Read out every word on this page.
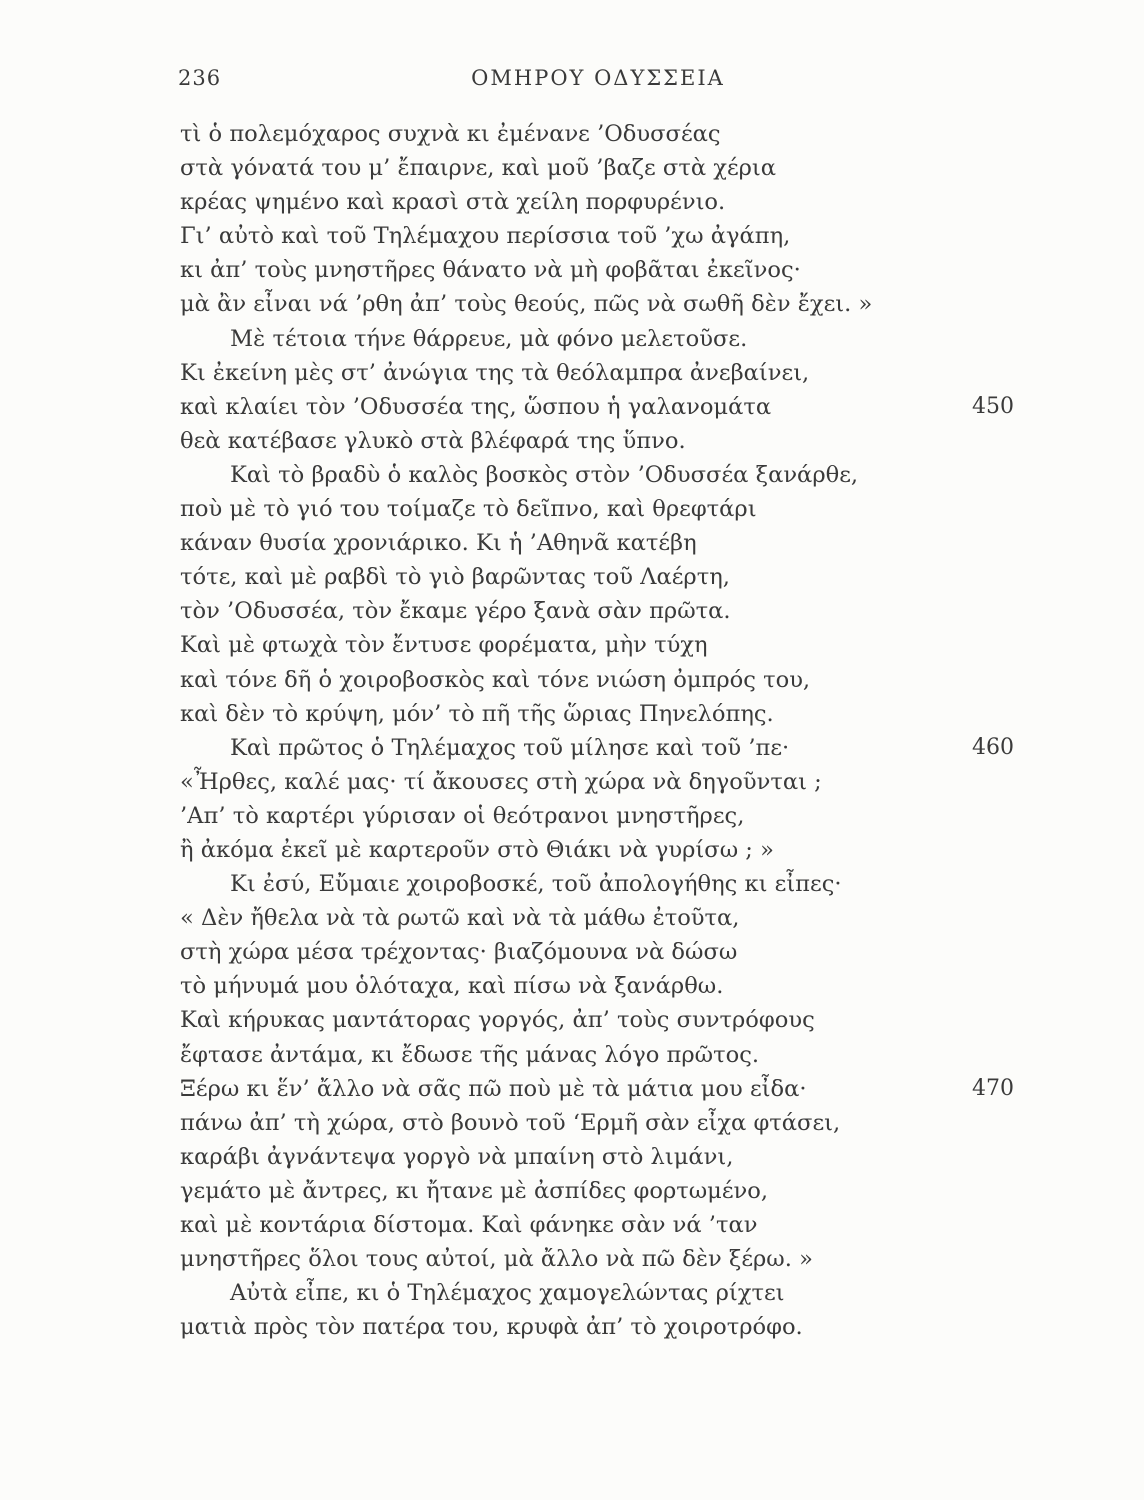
236	ΟΜΗΡΟΥ ΟΔΥΣΣΕΙΑ
τὶ ὁ πολεμόχαρος συχνὰ κι ἐμένανε ’Οδυσσέας
στὰ γόνατά του μ’ ἔπαιρνε, καὶ μοῦ ’βαζε στὰ χέρια
κρέας ψημένο καὶ κρασὶ στὰ χείλη πορφυρένιο.
Γι’ αὐτὸ καὶ τοῦ Τηλέμαχου περίσσια τοῦ ’χω ἀγάπη,
κι ἀπ’ τοὺς μνηστῆρες θάνατο νὰ μὴ φοβᾶται ἐκεῖνος·
μὰ ἂν εἶναι νά ’ρθη ἀπ’ τοὺς θεούς, πῶς νὰ σωθῆ δὲν ἔχει. »
Μὲ τέτοια τήνε θάρρευε, μὰ φόνο μελετοῦσε.
Κι ἐκείνη μὲς στ’ ἀνώγια της τὰ θεόλαμπρα ἀνεβαίνει,
καὶ κλαίει τὸν ’Οδυσσέα της, ὥσπου ἡ γαλανομάτα	450
θεὰ κατέβασε γλυκὸ στὰ βλέφαρά της ὕπνο.
Καὶ τὸ βραδὺ ὁ καλὸς βοσκὸς στὸν ’Οδυσσέα ξανάρθε,
ποὺ μὲ τὸ γιό του τοίμαζε τὸ δεῖπνο, καὶ θρεφτάρι
κάναν θυσία χρονιάρικο. Κι ἡ ’Αθηνᾶ κατέβη
τότε, καὶ μὲ ραβδὶ τὸ γιὸ βαρῶντας τοῦ Λαέρτη,
τὸν ’Οδυσσέα, τὸν ἔκαμε γέρο ξανὰ σὰν πρῶτα.
Καὶ μὲ φτωχὰ τὸν ἔντυσε φορέματα, μὴν τύχη
καὶ τόνε δῆ ὁ χοιροβοσκὸς καὶ τόνε νιώση ὀμπρός του,
καὶ δὲν τὸ κρύψη, μόν’ τὸ πῆ τῆς ὥριας Πηνελόπης.
Καὶ πρῶτος ὁ Τηλέμαχος τοῦ μίλησε καὶ τοῦ ’πε·	460
«Ἦρθες, καλέ μας· τί ἄκουσες στὴ χώρα νὰ δηγοῦνται ;
’Απ’ τὸ καρτέρι γύρισαν οἱ θεότρανοι μνηστῆρες,
ἢ ἀκόμα ἐκεῖ μὲ καρτεροῦν στὸ Θιάκι νὰ γυρίσω ; »
Κι ἐσύ, Εὔμαιε χοιροβοσκέ, τοῦ ἀπολογήθης κι εἶπες·
« Δὲν ἤθελα νὰ τὰ ρωτῶ καὶ νὰ τὰ μάθω ἐτοῦτα,
στὴ χώρα μέσα τρέχοντας· βιαζόμουνα νὰ δώσω
τὸ μήνυμά μου ὁλόταχα, καὶ πίσω νὰ ξανάρθω.
Καὶ κήρυκας μαντάτορας γοργός, ἀπ’ τοὺς συντρόφους
ἔφτασε ἀντάμα, κι ἔδωσε τῆς μάνας λόγο πρῶτος.
Ξέρω κι ἕν’ ἄλλο νὰ σᾶς πῶ ποὺ μὲ τὰ μάτια μου εἶδα·	470
πάνω ἀπ’ τὴ χώρα, στὸ βουνὸ τοῦ ‘Ερμῆ σὰν εἶχα φτάσει,
καράβι ἀγνάντεψα γοργὸ νὰ μπαίνη στὸ λιμάνι,
γεμάτο μὲ ἄντρες, κι ἤτανε μὲ ἀσπίδες φορτωμένο,
καὶ μὲ κοντάρια δίστομα. Καὶ φάνηκε σὰν νά ’ταν
μνηστῆρες ὅλοι τους αὐτοί, μὰ ἄλλο νὰ πῶ δὲν ξέρω. »
Αὐτὰ εἶπε, κι ὁ Τηλέμαχος χαμογελώντας ρίχτει
ματιὰ πρὸς τὸν πατέρα του, κρυφὰ ἀπ’ τὸ χοιροτρόφο.
